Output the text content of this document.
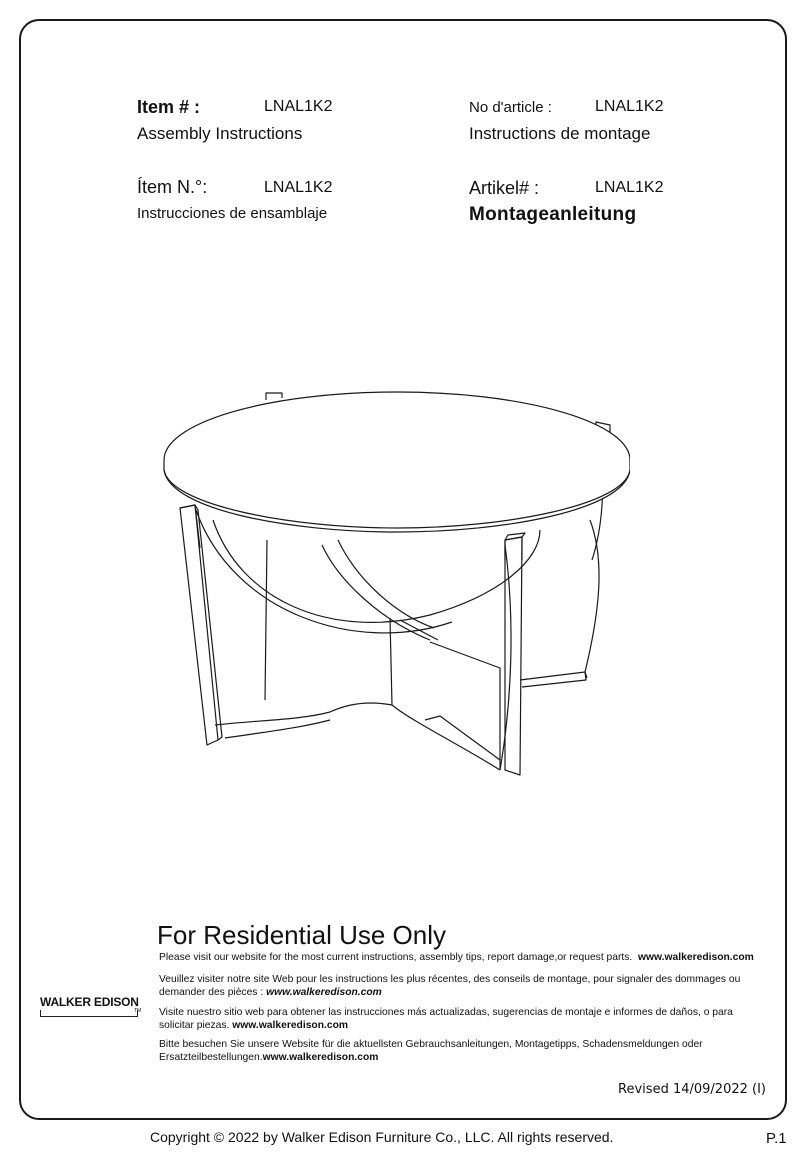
Item # :	LNAL1K2
Assembly Instructions
No d'article :	LNAL1K2
Instructions de montage
Ítem N.°:	LNAL1K2
Instrucciones de ensamblaje
Artikel# :	LNAL1K2
Montageanleitung
For Residential Use Only
Please visit our website for the most current instructions, assembly tips, report damage,or request parts. www.walkeredison.com
Veuillez visiter notre site Web pour les instructions les plus récentes, des conseils de montage, pour signaler des dommages ou demander des pièces : www.walkeredison.com
Visite nuestro sitio web para obtener las instrucciones más actualizadas, sugerencias de montaje e informes de daños, o para solicitar piezas. www.walkeredison.com
Bitte besuchen Sie unsere Website für die aktuellsten Gebrauchsanleitungen, Montagetipps, Schadensmeldungen oder Ersatzteilbestellungen.www.walkeredison.com
WALKER EDISON
TM
Revised 14/09/2022 (I)
Copyright © 2022 by Walker Edison Furniture Co., LLC. All rights reserved.	P.1
